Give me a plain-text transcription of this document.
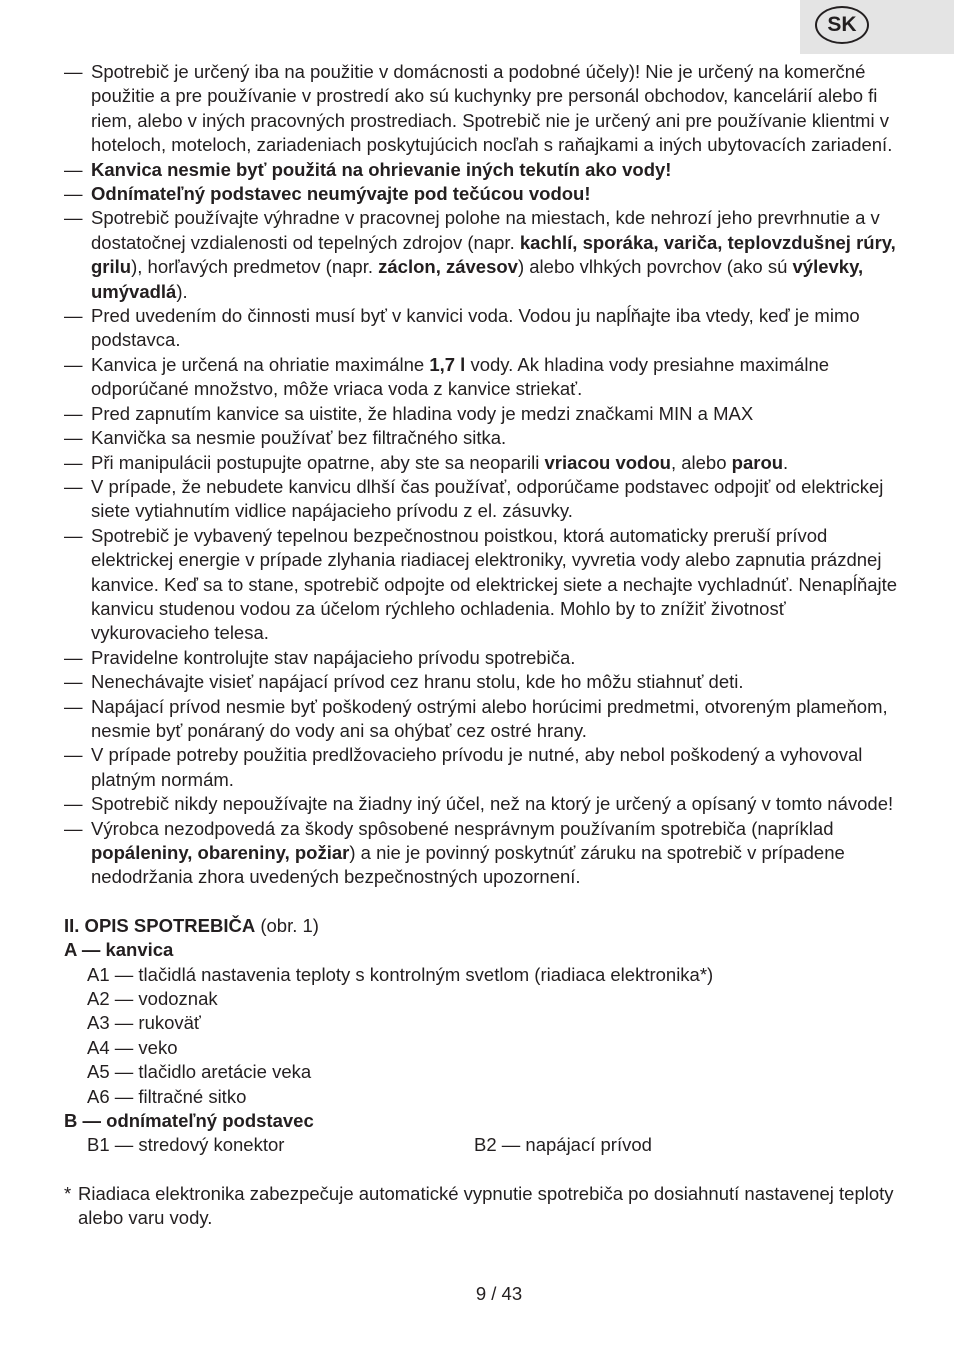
SK
— Spotrebič je určený iba na použitie v domácnosti a podobné účely)! Nie je určený na komerčné použitie a pre používanie v prostredí ako sú kuchynky pre personál obchodov, kancelárií alebo fi riem, alebo v iných pracovných prostrediach. Spotrebič nie je určený ani pre používanie klientmi v hoteloch, moteloch, zariadeniach poskytujúcich nocľah s raňajkami a iných ubytovacích zariadení.
— Kanvica nesmie byť použitá na ohrievanie iných tekutín ako vody!
— Odnímateľný podstavec neumývajte pod tečúcou vodou!
— Spotrebič používajte výhradne v pracovnej polohe na miestach, kde nehrozí jeho prevrhnutie a v dostatočnej vzdialenosti od tepelných zdrojov (napr. kachlí, sporáka, variča, teplovzdušnej rúry, grilu), horľavých predmetov (napr. záclon, závesov) alebo vlhkých povrchov (ako sú výlevky, umývadlá).
— Pred uvedením do činnosti musí byť v kanvici voda. Vodou ju napĺňajte iba vtedy, keď je mimo podstavca.
— Kanvica je určená na ohriatie maximálne 1,7 l vody. Ak hladina vody presiahne maximálne odporúčané množstvo, môže vriaca voda z kanvice striekať.
— Pred zapnutím kanvice sa uistite, že hladina vody je medzi značkami MIN a MAX
— Kanvička sa nesmie používať bez filtračného sitka.
— Při manipulácii postupujte opatrne, aby ste sa neoparili vriacou vodou, alebo parou.
— V prípade, že nebudete kanvicu dlhší čas používať, odporúčame podstavec odpojiť od elektrickej siete vytiahnutím vidlice napájacieho prívodu z el. zásuvky.
— Spotrebič je vybavený tepelnou bezpečnostnou poistkou, ktorá automaticky preruší prívod elektrickej energie v prípade zlyhania riadiacej elektroniky, vyvretia vody alebo zapnutia prázdnej kanvice. Keď sa to stane, spotrebič odpojte od elektrickej siete a nechajte vychladnúť. Nenapĺňajte kanvicu studenou vodou za účelom rýchleho ochladenia. Mohlo by to znížiť životnosť vykurovacieho telesa.
— Pravidelne kontrolujte stav napájacieho prívodu spotrebiča.
— Nenechávajte visieť napájací prívod cez hranu stolu, kde ho môžu stiahnuť deti.
— Napájací prívod nesmie byť poškodený ostrými alebo horúcimi predmetmi, otvoreným plameňom, nesmie byť ponáraný do vody ani sa ohýbať cez ostré hrany.
— V prípade potreby použitia predlžovacieho prívodu je nutné, aby nebol poškodený a vyhovoval platným normám.
— Spotrebič nikdy nepoužívajte na žiadny iný účel, než na ktorý je určený a opísaný v tomto návode!
— Výrobca nezodpovedá za škody spôsobené nesprávnym používaním spotrebiča (napríklad popáleniny, obareniny, požiar) a nie je povinný poskytnúť záruku na spotrebič v prípadene nedodržania zhora uvedených bezpečnostných upozornení.
II. OPIS SPOTREBIČA (obr. 1)
A — kanvica
A1 — tlačidlá nastavenia teploty s kontrolným svetlom (riadiaca elektronika*)
A2 — vodoznak
A3 — rukoväť
A4 — veko
A5 — tlačidlo aretácie veka
A6 — filtračné sitko
B — odnímateľný podstavec
B1 — stredový konektor	B2 — napájací prívod
* Riadiaca elektronika zabezpečuje automatické vypnutie spotrebiča po dosiahnutí nastavenej teploty alebo varu vody.
9 / 43
